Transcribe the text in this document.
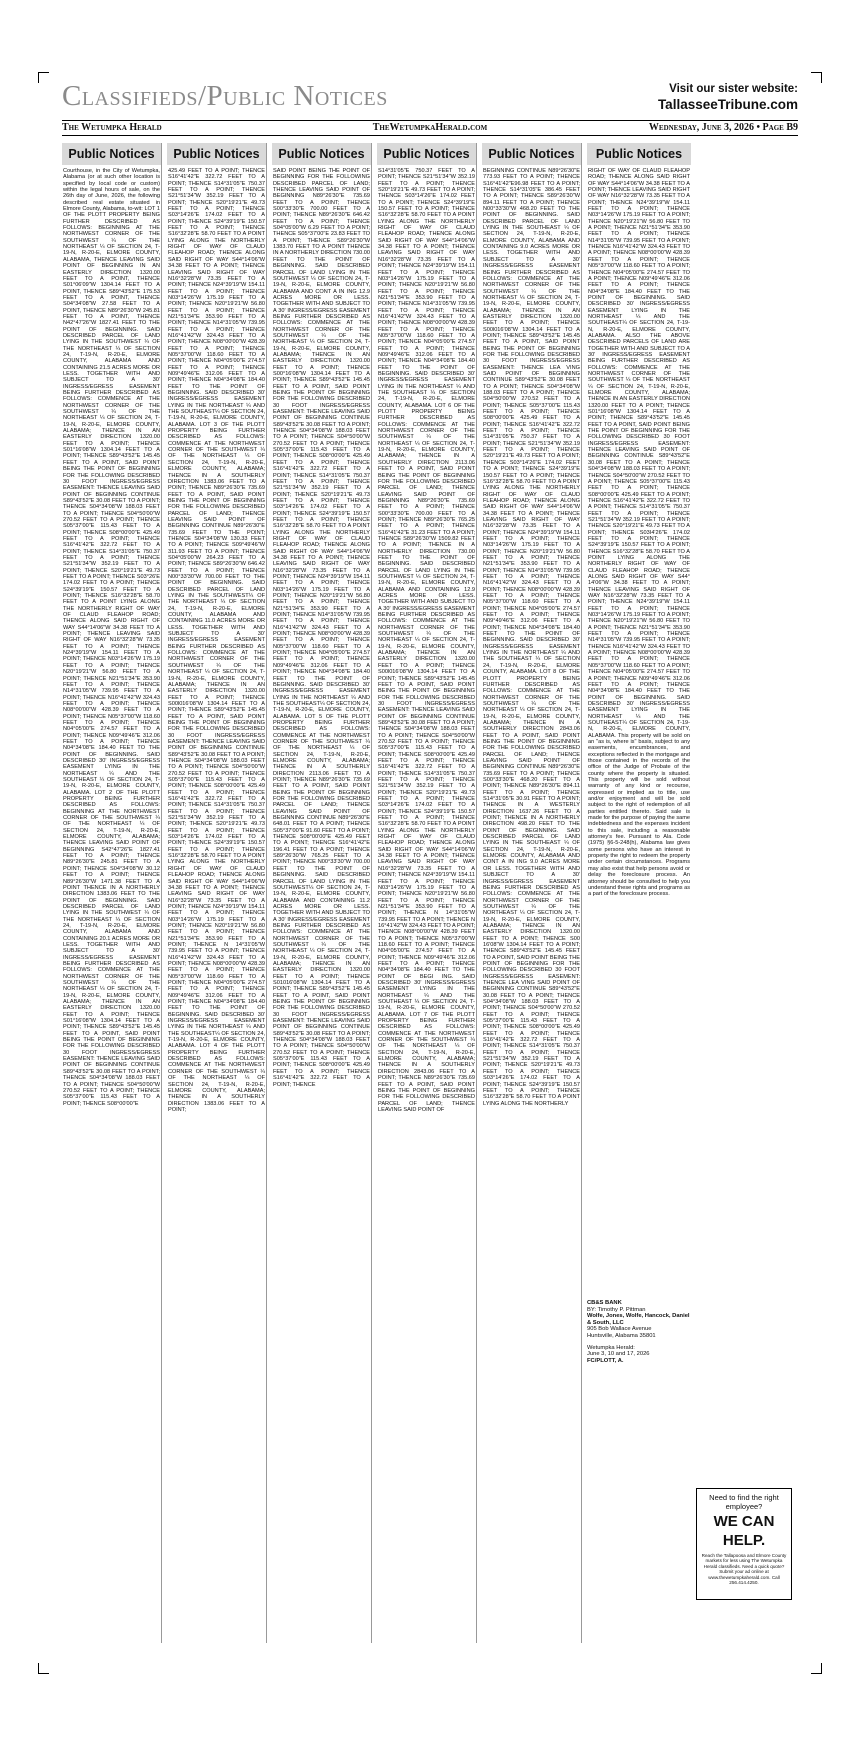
Classifieds/Public Notices	Visit our sister website:
TallasseeTribune.com
The Wetumpka Herald	TheWetumpkaHerald.com	Wednesday, June 3, 2026 • Page B9
Public Notices
Courthouse, in the City of Wetumpka, Alabama (or at such other location is specified by local code or custom) within the legal hours of sale, on the 26th day of June, 2026, the following described real estate situated in Elmore County, Alabama, to-wit: LOT 1 OF THE PLOTT PROPERTY BEING FURTHER DESCRIBED AS FOLLOWS: BEGINNING AT THE NORTHWEST CORNER OF THE SOUTHWEST ¼ OF THE NORTHEAST ¼ OF SECTION 24, T-19-N, R-20-E, ELMORE COUNTY, ALABAMA, THENCE LEAVING SAID POINT OF BEGINNING IN AN EASTERLY DIRECTION 1320.00 FEET TO A POINT, THENCE S01°06'09"W 1304.14 FEET TO A POINT, THENCE S89°43'52"E 175.53 FEET TO A POINT, THENCE S04°34'08"W 27.58 FEET TO A POINT, THENCE N89°26'30"W 245.81 FEET TO A POINT, THENCE N42°47'26"W 1827.41 FEET TO THE POINT OF BEGINNING. SAID DESCRIBED PARCEL OF LAND LYING IN THE SOUTHWEST ¼ OF THE NORTHEAST ¼ OF SECTION 24, T-19-N, R-20-E, ELMORE COUNTY, ALABAMA AND CONTAINING 21.5 ACRES MORE OR LESS. TOGETHER WITH AND SUBJECT TO A 30' INGRESS/EGRESS EASEMENT BEING FURTHER DESCRIBED AS FOLLOWS: COMMENCE AT THE NORTHWEST CORNER OF THE SOUTHWEST ¼ OF THE NORTHEAST ¼ OF SECTION 24, T-19-N, R-20-E, ELMORE COUNTY, ALABAMA; THENCE IN AN EASTERLY DIRECTION 1320.00 FEET TO A POINT; THENCE S01°16'08"W 1304.14 FEET TO A POINT; THENCE S89°43'52"E 145.45 FEET TO A POINT, SAID POINT BEING THE POINT OF BEGINNING FOR THE FOLLOWING DESCRIBED 30 FOOT INGRESS/EGRESS EASEMENT: THENCE LEAVING SAID POINT OF BEGINNING CONTINUE S89°43'52"E 30.08 FEET TO A POINT; THENCE S04°34'08"W 188.03 FEET TO A POINT; THENCE S04°50'00"W 270.52 FEET TO A POINT; THENCE S05°37'00"E 115.43 FEET TO A POINT; THENCE S08°00'00"E 425.49 FEET TO A POINT; THENCE S16°41'42"E 322.72 FEET TO A POINT; THENCE S14°31'05"E 750.37 FEET TO A POINT; THENCE S21°51'34"W 352.19 FEET TO A POINT; THENCE S20°19'21"E 49.73 FEET TO A POINT; THENCE S03°26'E 174.02 FEET TO A POINT; THENCE S24°39'19"E 150.57 FEET TO A POINT; THENCE S16°32'28"E 58.70 FEET TO A POINT LYING ALONG THE NORTHERLY RIGHT OF WAY OF CLAUD FLEAHOP ROAD; THENCE ALONG SAID RIGHT OF WAY S44°14'06"W 34.38 FEET TO A POINT; THENCE LEAVING SAID RIGHT OF WAY N16°32'28"W 73.35 FEET TO A POINT; THENCE N24°39'19"W 154.11 FEET TO A POINT; THENCE N03°14'26"W 175.19 FEET TO A POINT; THENCE N20°19'21"W 56.80 FEET TO A POINT; THENCE N21°51'34"E 353.90 FEET TO A POINT; THENCE N14°31'05"W 739.95 FEET TO A POINT; THENCE N16°41'42"W 324.43 FEET TO A POINT; THENCE N08°00'00"W 428.39 FEET TO A POINT; THENCE N05°37'00"W 118.60 FEET TO A POINT; THENCE N04°05'00"E 274.57 FEET TO A POINT; THENCE N09°49'46"E 312.06 FEET TO A POINT; THENCE N04°34'08"E 184.40 FEET TO THE POINT OF BEGINNING. SAID DESCRIBED 30' INGRESS/EGRESS EASEMENT LYING IN THE NORTHEAST ¼ AND THE SOUTHEAST ¼ OF SECTION 24, T-19-N, R-20-E, ELMORE COUNTY, ALABAMA. LOT 2 OF THE PLOTT PROPERTY BEING FURTHER DESCRIBED AS FOLLOWS: BEGINNING AT THE NORTHWEST CORNER OF THE SOUTHWEST ¼ OF THE NORTHEAST ¼ OF SECTION 24, T-19-N, R-20-E, ELMORE COUNTY, ALABAMA; THENCE LEAVING SAID POINT OF BEGINNING S42°47'26"E 1827.41 FEET TO A POINT; THENCE N89°26'30"E 245.81 FEET TO A POINT; THENCE S04°34'08"W 30.12 FEET TO A POINT; THENCE N89°26'30"W 1471.38 FEET TO A POINT THENCE IN A NORTHERLY DIRECTION 1383.06 FEET TO THE POINT OF BEGINNING. SAID DESCRIBED PARCEL OF LAND LYING IN THE SOUTHWEST ¼ OF THE NORTHEAST ¼ OF SECTION 24, T-19-N, R-20-E, ELMORE COUNTY, ALABAMA AND CONTAINING 20.1 ACRES MORE OR LESS. TOGETHER WITH AND SUBJECT TO A 30' INGRESS/EGRESS EASEMENT BEING FURTHER DESCRIBED AS FOLLOWS: COMMENCE AT THE NORTHWEST CORNER OF THE SOUTHWEST ¼ OF THE NORTHEAST ¼ OF SECTION 24, T-19-N, R-20-E, ELMORE COUNTY, ALABAMA; THENCE IN AN EASTERLY DIRECTION 1320.00 FEET TO A POINT; THENCE S01°16'08"W 1304.14 FEET TO A POINT; THENCE S89°43'52"E 145.45 FEET TO A POINT, SAID POINT BEING THE POINT OF BEGINNING FOR THE FOLLOWING DESCRIBED 30 FOOT INGRESS/EGRESS EASEMENT: THENCE LEAVING SAID POINT OF BEGINNING CONTINUE S89°43'52"E 30.08 FEET TO A POINT; THENCE S04°34'08"W 188.03 FEET TO A POINT; THENCE S04°50'00"W 270.52 FEET TO A POINT; THENCE S05°37'00"E 115.43 FEET TO A POINT; THENCE S08°00'00"E
Public Notices
425.49 FEET TO A POINT; THENCE S16°41'42"E 322.72 FEET TO A POINT; THENCE S14°31'05"E 750.37 FEET TO A POINT; THENCE S21°51'34"W 352.19 FEET TO A POINT; THENCE S20°19'21"E 49.73 FEET TO A POINT; THENCE S03°14'26"E 174.02 FEET TO A POINT; THENCE S24°39'19"E 150.57 FEET TO A POINT; THENCE S16°32'28"E 58.70 FEET TO A POINT LYING ALONG THE NORTHERLY RIGHT OF WAY OF CLAUD FLEAHOP ROAD; THENCE ALONG SAID RIGHT OF WAY S44°14'06"W 34.38 FEET TO A POINT; THENCE LEAVING SAID RIGHT OF WAY N16°32'28"W 73.35 FEET TO A POINT; THENCE N24°39'19"W 154.11 FEET TO A POINT; THENCE N03°14'26"W 175.19 FEET TO A POINT; THENCE N20°19'21"W 56.80 FEET TO A POINT; THENCE N21°51'34"E 353.90 FEET TO A POINT; THENCE N14°31'05"W 739.95 FEET TO A POINT; THENCE N16°41'42"W 324.43 FEET TO A POINT; THENCE N08°00'00"W 428.39 FEET TO A POINT; THENCE N05°37'00"W 118.60 FEET TO A POINT; THENCE N04°05'00"E 274.57 FEET TO A POINT; THENCE N09°49'46"E 312.06 FEET TO A POINT; THENCE N04°34'08"E 184.40 FEET TO THE POINT OF BEGINNING. SAID DESCRIBED 30' INGRESS/EGRESS EASEMENT LYING IN THE NORTHEAST ¼ AND THE SOUTHEAST¼ OF SECTION 24, T-19-N, R-20-E, ELMORE COUNTY, ALABAMA. LOT 3 OF THE PLOTT PROPERTY BEING FURTHER DESCRIBED AS FOLLOWS: COMMENCE AT THE NORTHWEST CORNER OF THE SOUTHWEST ¼ OF THE NORTHEAST ¼ OF SECTION 24, T-19-N, R-20-E, ELMORE COUNTY, ALABAMA; THENCE IN A SOUTHERLY DIRECTION 1383.06 FEET TO A POINT; THENCE N89°26'30"E 735.69 FEET TO A POINT, SAID POINT BEING THE POINT OF BEGINNING FOR THE FOLLOWING DESCRIBED PARCEL OF LAND; THENCE LEAVING SAID POINT OF BEGINNING CONTINUE N89°26'30"E 735.69 FEET TO THE POINT; THENCE S04°34'08"W 130.33 FEET TO A POINT; THENCE S09°49'46"W 311.93 FEET TO A POINT; THENCE S04°05'00"W 264.23 FEET TO A POINT; THENCE S89°26'30"W 646.42 FEET TO A POINT; THENCE N00°33'30"W 700.00 FEET TO THE POINT OF BEGINNING. SAID DESCRIBED PARCEL OF LAND LYING IN THE SOUTHWEST¼ OF THE NORTHEAST ¼ OF SECTION 24, T-19-N, R-20-E, ELMORE COUNTY, ALABAMA AND CONTAINING 11.0 ACRES MORE OR LESS. TOGETHER WITH AND SUBJECT TO A 30' INGRESS/EGRESS EASEMENT BEING FURTHER DESCRIBED AS FOLLOWS: COMMENCE AT THE NORTHWEST CORNER OF THE SOUTHWEST ¼ OF THE NORTHEAST ¼ OF SECTION 24, T-19-N, R-20-E, ELMORE COUNTY, ALABAMA; THENCE IN AN EASTERLY DIRECTION 1320.00 FEET TO A POINT; THENCE S00l016'08"W 1304.14 FEET TO A POINT; THENCE S89°43'52"E 145.45 FEET TO A POINT, SAID POINT BEING THE POINT OF BEGINNING FOR THE FOLLOWING DESCRIBED 30 FOOT INGRESS/EGRESS EASEMENT: THENCE LEAVING SAID POINT OF BEGINNING CONTINUE S89°43'52"E 30.08 FEET TO A POINT; THENCE S04°34'08"W 188.03 FEET TO A POINT; THENCE S04°50'00"W 270.52 FEET TO A POINT; THENCE S05°37'00"E 115.43 FEET TO A POINT; THENCE S08°00'00"E 425.49 FEET TO A POINT; THENCE S16°41'42"E 322.72 FEET TO A POINT; THENCE S14°31'05"E 750.37 FEET TO A POINT; THENCE S21°51'34"W 352.19 FEET TO A POINT; THENCE S20°19'21"E 49.73 FEET TO A POINT; THENCE S03°14'26"E 174.02 FEET TO A POINT; THENCE S24°39'19"E 150.57 FEET TO A POINT; THENCE S16°32'28"E 58.70 FEET TO A POINT LYING ALONG THE NORTHERLY RIGHT OF WAY OF CLAUD FLEAHOP ROAD; THENCE ALONG SAID RIGHT OF WAY S44°14'06"W 34.38 FEET TO A POINT; THENCE LEAVING SAID RIGHT OF WAY N16°32'28"W 73.35 FEET TO A POINT; THENCE N24°39'19"W 154.11 FEET TO A POINT; THENCE N03°14'26"W 175.19 FEET TO A POINT; THENCE N20°19'21"W 56.80 FEET TO A POINT; THENCE N21°51'34"E 353.90 FEET TO A POINT; THENCE N 14°31'05"W 739.95 FEET TO A POINT; THENCE N16°41'42"W 324.43 FEET TO A POINT; THENCE N08°00'00"W 428.39 FEET TO A POINT; THENCE N05°37'00"W 118.60 FEET TO A POINT; THENCE N04°05'00"E 274.57 FEET TO A POINT; THENCE N09°49'46"E 312.06 FEET TO A POINT; THENCE N04°34'08"E 184.40 FEET TO THE POINT OF BEGINNING. SAID DESCRIBED 30' INGRESS/EGRESS EASEMENT LYING IN THE NORTHEAST ¼ AND THE SOUTHEAST¼ OF SECTION 24, T-19-N, R-20-E, ELMORE COUNTY, ALABAMA. LOT 4 OF THE PLOTT PROPERTY BEING FURTHER DESCRIBED AS FOLLOWS: COMMENCE AT THE NORTHWEST CORNER OF THE SOUTHWEST ¼ OF THE NORTHEAST ¼ OF SECTION 24, T-19-N, R-20-E, ELMORE COUNTY, ALABAMA; THENCE IN A SOUTHERLY DIRECTION 1383.06 FEET TO A POINT;
Public Notices
SAID POINT BEING THE POINT OF BEGINNING FOR THE FOLLOWING DESCRIBED PARCEL OF LAND; THENCE LEAVING SAID POINT OF BEGINNING N89°26'30"E 735.69 FEET TO A POINT; THENCE S00°33'30"E 700.00 FEET TO A POINT; THENCE N89°26'30"E 646.42 FEET TO A POINT; THENCE S04°05'00"W 6.29 FEET TO A POINT; THENCE S05°37'00"E 23.83 FEET TO A POINT; THENCE S89°26'30"W 1383.70 FEET TO A POINT THENCE IN A NORTHERLY DIRECTION 730.00 FEET TO THE POINT OF BEGINNING. SAID DESCRIBED PARCEL OF LAND LYING IN THE SOUTHWEST ¼ OF SECTION 24, T-19-N, R-20-E, ELMORE COUNTY, ALABAMA AND CONT A IN ING 12.9 ACRES MORE OR LESS. TOGETHER WITH AND SUBJECT TO A 30' INGRESS/EGRESS EASEMENT BEING FURTHER DESCRIBED AS FOLLOWS: COMMENCE AT THE NORTHWEST CORNER OF THE SOUTHWEST ¼ OF THE NORTHEAST ¼ OF SECTION 24, T-19-N, R-20-E, ELMORE COUNTY, ALABAMA; THENCE IN AN EASTERLY DIRECTION 1320.00 FEET TO A POINT; THENCE S00°16'08"W 1304.14 FEET TO A POINT; THENCE S89°43'52"E 145.45 FEET TO A POINT, SAID POINT BEING THE POINT OF BEGINNING FOR THE FOLLOWING DESCRIBED 30 FOOT INGRESS/EGRESS EASEMENT: THENCE LEAVING SAID POINT OF BEGINNING CONTINUE S89°43'52"E 30.08 FEET TO A POINT; THENCE S04°34'08"W 188.03 FEET TO A POINT; THENCE S04°50'00"W 270.52 FEET TO A POINT; THENCE S05°37'00"E 115.43 FEET TO A POINT; THENCE S08°00'00"E 425.49 FEET TO A POINT; THENCE S16°41'42"E 322.72 FEET TO A POINT; THENCE S14°31'05"E 750.37 FEET TO A POINT; THENCE S21°51'34"W 352.19 FEET TO A POINT; THENCE S20°19'21"E 49.73 FEET TO A POINT; THENCE S03°14'26"E 174.02 FEET TO A POINT; THENCE S24°39'19"E 150.57 FEET TO A POINT; THENCE S16°32'28"E 58.70 FEET TO A POINT LYING ALONG THE NORTHERLY RIGHT OF WAY OF CLAUD FLEAHOP ROAD; THENCE ALONG SAID RIGHT OF WAY S44°14'06"W 34.38 FEET TO A POINT; THENCE LEAVING SAID RIGHT OF WAY N16°32'28"W 73.35 FEET TO A POINT; THENCE N24°39'19"W 154.11 FEET TO A POINT; THENCE N03°14'26"W 175.19 FEET TO A POINT; THENCE N20°19'21"W 56.80 FEET TO A POINT; THENCE N21°51'34"E 353.90 FEET TO A POINT; THENCE N14°31'05"W 739.95 FEET TO A POINT; THENCE N16°41'42"W 324.43 FEET TO A POINT; THENCE N08°00'00"W 428.39 FEET TO A POINT; THENCE N05°37'00"W 118.60 FEET TO A POINT; THENCE N04°05'00"E 274.57 FEET TO A POINT; THENCE N09°49'46"E 312.06 FEET TO A POINT; THENCE N04°34'08"E 184.40 FEET TO THE POINT OF BEGINNING. SAID DESCRIBED 30' INGRESS/EGRESS EASEMENT LYING IN THE NORTHEAST ¼ AND THE SOUTHEAST¼ OF SECTION 24, T-19-N, R-20-E, ELMORE COUNTY, ALABAMA. LOT 5 OF THE PLOTT PROPERTY BEING FURTHER DESCRIBED AS FOLLOWS: COMMENCE AT THE NORTHWEST CORNER OF THE SOUTHWEST ¼ OF THE NORTHEAST ¼ OF SECTION 24, T-19-N, R-20-E, ELMORE COUNTY, ALABAMA; THENCE IN A SOUTHERLY DIRECTION 2113.06 FEET TO A POINT; THENCE N89°26'30"E 735.69 FEET TO A POINT, SAID POINT BEING THE POINT OF BEGINNING FOR THE FOLLOWING DESCRIBED PARCEL OF LAND; THENCE LEAVING SAID POINT OF BEGINNING CONTINUE N89°26'30"E 648.01 FEET TO A POINT; THENCE S05°37'00"E 91.60 FEET TO A POINT; THENCE S08°00'00"E 425.49 FEET TO A POINT; THENCE S16°41'42"E 196.41 FEET TO A POINT; THENCE S89°26'30"W 765.25 FEET TO A POINT; THENCE N00°33'30"W 700.00 FEET TO THE POINT OF BEGINNING. SAID DESCRIBED PARCEL OF LAND LYING IN THE SOUTHWEST¼ OF SECTION 24, T-19-N, R-20-E, ELMORE COUNTY, ALABAMA AND CONTAINING 11.2 ACRES MORE OR LESS. TOGETHER WITH AND SUBJECT TO A 30' INGRESS/EGRESS EASEMENT BEING FURTHER DESCRIBED AS FOLLOWS: COMMENCE AT THE NORTHWEST CORNER OF THE SOUTHWEST ¼ OF THE NORTHEAST ¼ OF SECTION 24, T-19-N, R-20-E, ELMORE COUNTY, ALABAMA; THENCE IN AN EASTERLY DIRECTION 1320.00 FEET TO A POINT; THENCE S01016'08"W 1304.14 FEET TO A POINT; THENCE S89°43'52"E 145.45 FEET TO A POINT, SAID POINT BEING THE POINT OF BEGINNING FOR THE FOLLOWING DESCRIBED 30 FOOT INGRESS/EGRESS EASEMENT: THENCE LEAVING SAID POINT OF BEGINNING CONTINUE S89°43'52"E 30.08 FEET TO A POINT; THENCE S04°34'08"W 188.03 FEET TO A POINT; THENCE S04°50'00"W 270.52 FEET TO A POINT; THENCE S05°37'00"E 115.43 FEET TO A POINT; THENCE S08°00'00"E 425.49 FEET TO A POINT; THENCE S16°41'42"E 322.72 FEET TO A POINT; THENCE
Public Notices
S14°31'05"E 750.37 FEET TO A POINT; THENCE S21°51'34"W 352.19 FEET TO A POINT; THENCE S20°19'21"E 49.73 FEET TO A POINT; THENCE S03°14'26"E 174.02 FEET TO A POINT; THENCE S24°39'19"E 150.57 FEET TO A POINT; THENCE S16°32'28"E 58.70 FEET TO A POINT LYING ALONG THE NORTHERLY RIGHT OF WAY OF CLAUD FLEAHOP ROAD; THENCE ALONG SAID RIGHT OF WAY S44°14'06"W 34.38 FEET TO A POINT; THENCE LEAVING SAID RIGHT OF WAY N16°32'28"W 73.35 FEET TO A POINT; THENCE N24°39'19"W 154.11 FEET TO A POINT; THENCE N03°14'26"W 175.19 FEET TO A POINT; THENCE N20°19'21"W 56.80 FEET TO A POINT; THENCE N21°51'34"E 353.90 FEET TO A POINT; THENCE N14°31'05"W 739.95 FEET TO A POINT; THENCE N16°41'42"W 324.43 FEET TO A POINT; THENCE N08°00'00"W 428.39 FEET TO A POINT; THENCE N05°37'00"W 118.60 FEET TO A POINT; THENCE N04°05'00"E 274.57 FEET TO A POINT; THENCE N09°49'46"E 312.06 FEET TO A POINT; THENCE N04°34'08"E 184.40 FEET TO THE POINT OF BEGINNING. SAID DESCRIBED 30' INGRESS/EGRESS EASEMENT LYING IN THE NORTHEAST ¼ AND THE SOUTHEAST ¼ OF SECTION 24, T-19-N, R-20-E, ELMORE COUNTY, ALABAMA. LOT 6 OF THE PLOTT PROPERTY BEING FURTHER DESCRIBED AS FOLLOWS: COMMENCE AT THE NORTHWEST CORNER OF THE SOUTHWEST ¼ OF THE NORTHEAST ¼ OF SECTION 24, T-19-N, R-20-E, ELMORE COUNTY, ALABAMA; THENCE IN A SOUTHERLY DIRECTION 2113.06 FEET TO A POINT, SAID POINT BEING THE POINT OF BEGINNING FOR THE FOLLOWING DESCRIBED PARCEL OF LAND; THENCE LEAVING SAID POINT OF BEGINNING N89°26'30"E 735.69 FEET TO A POINT; THENCE S00°33'30"E 700.00 FEET TO A POINT; THENCE N89°26'30"E 765.25 FEET TO A POINT; THENCE S16°41'42"E 31.23 FEET TO A POINT; THENCE S89°26'30"W 1509.82 FEET TO A POINT; THENCE IN A NORTHERLY DIRECTION 730.00 FEET TO THE POINT OF BEGINNING. SAID DESCRIBED PARCEL OF LAND LYING IN THE SOUTHWEST ¼ OF SECTION 24, T-19-N, R-20-E, ELMORE COUNTY, ALABAMA AND CONTAINING 12.9 ACRES MORE OR LESS. TOGETHER WITH AND SUBJECT TO A 30' INGRESS/EGRESS EASEMENT BEING FURTHER DESCRIBED AS FOLLOWS: COMMENCE AT THE NORTHWEST CORNER OF THE SOUTHWEST ¼ OF THE NORTHEAST ¼ OF SECTION 24, T-19-N, R-20-E, ELMORE COUNTY, ALABAMA; THENCE IN AN EASTERLY DIRECTION 1320.00 FEET TO A POINT; THENCE S00l016'08"W 1304.14 FEET TO A POINT; THENCE S89°43'52"E 145.45 FEET TO A POINT, SAID POINT BEING THE POINT OF BEGINNING FOR THE FOLLOWING DESCRIBED 30 FOOT INGRESS/EGRESS EASEMENT: THENCE LEAVING SAID POINT OF BEGINNING CONTINUE S89°43'52"E 30.08 FEET TO A POINT; THENCE S04°34'08"W 188.03 FEET TO A POINT; THENCE S04°50'00"W 270.52 FEET TO A POINT; THENCE S05°37'00"E 115.43 FEET TO A POINT; THENCE S08°00'00"E 425.49 FEET TO A POINT; THENCE S16°41'42"E 322.72 FEET TO A POINT; THENCE S14°31'05"E 750.37 FEET TO A POINT; THENCE S21°51'34"W 352.19 FEET TO A POINT; THENCE S20°19'21"E 49.73 FEET TO A POINT; THENCE S03°14'26"E 174.02 FEET TO A POINT; THENCE S24°39'19"E 150.57 FEET TO A POINT; THENCE S16°32'28"E 58.70 FEET TO A POINT LYING ALONG THE NORTHERLY RIGHT OF WAY OF CLAUD FLEAHOP ROAD; THENCE ALONG SAID RIGHT OF WAY S44°14'06"W 34.38 FEET TO A POINT; THENCE LEAVING SAID RIGHT OF WAY N16°32'28"W 73.35 FEET TO A POINT; THENCE N24°39'19"W 154.11 FEET TO A POINT; THENCE N03°14'26"W 175.19 FEET TO A POINT; THENCE N20°19'21"W 56.80 FEET TO A POINT; THENCE N21°51'34"E 353.90 FEET TO A POINT; THENCE N 14°31'05"W 739.95 FEET TO A POINT; THENCE N 16°41'42"W 324.43 FEET TO A POINT; THENCE N08°00'00"W 428.39 FEET TO A POINT; THENCE N05°37'00"W 118.60 FEET TO A POINT; THENCE N04°05'00"E 274.57 FEET TO A POINT; THENCE N09°49'46"E 312.06 FEET TO A POINT; THENCE N04°34'08"E 184.40 FEET TO THE POINT OF BEGI ING. SAID DESCRIBED 30' INGRESS/EGRESS EASEMENT LYING IN THE NORTHEAST ¼ AND THE SOUTHEAST ¼ OF SECTION 24, T-19-N, R-20-E, ELMORE COUNTY, ALABAMA. LOT 7 OF THE PLOTT PROPERTY BEING FURTHER DESCRIBED AS FOLLOWS: COMMENCE AT THE NORTHWEST CORNER OF THE SOUTHWEST ¼ OF THE NORTHEAST ¼ OF SECTION 24, T-19-N, R-20-E, ELMORE COUNTY, ALABAMA; THENCE IN A SOUTHERLY DIRECTION 2843.06 FEET TO A POINT; THENCE N89°26'30"E 735.69 FEET TO A POINT, SAID POINT BEING THE POINT OF BEGINNING FOR THE FOLLOWING DESCRIBED PARCEL OF LAND; THENCE LEAVING SAID POINT OF
Public Notices
BEGINNING CONTINUE N89°26'30"E 773.93 FEET TO A POINT; THENCE S16°41'42"E96.98 FEET TO A POINT; THENCE S14°31'05"E 386.45 FEET TO A POINT; THENCE S89°26'30"W 894.11 FEET TO A POINT; THENCE N00°33'30"W 468.20 FEET TO THE POINT OF BEGINNING. SAID DESCRIBED PARCEL OF LAND LYING IN THE SOUTHEAST ¼ OF SECTION 24, T-19-N, R-20-E, ELMORE COUNTY, ALABAMA AND CONTAINING 9.0 ACRES MORE OR LESS. TOGETHER WITH AND SUBJECT TO A 30' INGRESS/EGRESS EASEMENT BEING FURTHER DESCRIBED AS FOLLOWS: COMMENCE AT THE NORTHWEST CORNER OF THE SOUTHWEST ¼ OF THE NORTHEAST ¼ OF SECTION 24, T-19-N, R-20-E, ELMORE COUNTY, ALABAMA; THENCE IN AN EASTERLY DIRECTION 1320.00 FEET TO A POINT; THENCE S00l016'08"W 1304.14 FEET TO A POINT; THENCE S89°43'52"E 145.45 FEET TO A POINT, SAID POINT BEING THE POINT OF BEGINNING FOR THE FOLLOWING DESCRIBED 30 FOOT INGRESS/EGRESS EASEMENT: THENCE LEA VING SAID POINT OF BEGINNING CONTINUE S89°43'52"E 30.08 FEET TO A POINT; THENCE S04°34'08"W 188.03 FEET TO A POINT; THENCE S04°50'00"W 270.52 FEET TO A POINT; THENCE S05°37'00"E 115.43 FEET TO A POINT; THENCE S08°00'00"E 425.49 FEET TO A POINT; THENCE S16°41'42"E 322.72 FEET TO A POINT; THENCE S14°31'05"E 750.37 FEET TO A POINT; THENCE S21°51'34"W 352.19 FEET TO A POINT; THENCE S20°19'21"E 49.73 FEET TO A POINT; THENCE S03°14'26"E 174.02 FEET TO A POINT; THENCE S24°39'19"E 150.57 FEET TO A POINT; THENCE S16°32'28"E 58.70 FEET TO A POINT LYING ALONG THE NORTHERLY RIGHT OF WAY OF CLAUD FLEAHOP ROAD; THENCE ALONG SAID RIGHT OF WAY S44°14'06"W 34.38 FEET TO A POINT; THENCE LEAVING SAID RIGHT OF WAY N16°32'28"W 73.35 FEET TO A POINT; THENCE N24°39'19"W 154.11 FEET TO A POINT; THENCE N03°14'26"W 175.19 FEET TO A POINT; THENCE N20°19'21"W 56.80 FEET TO A POINT; THENCE N21°51'34"E 353.90 FEET TO A POINT; THENCE N14°31'05"W 739.95 FEET TO A POINT; THENCE N16°41'42"W 324.43 FEET TO A POINT; THENCE N08°00'00"W 428.39 FEET TO A POINT; THENCE N05°37'00"W 118.60 FEET TO A POINT; THENCE N04°05'00"E 274.57 FEET TO A POINT; THENCE N09°49'46"E 312.06 FEET TO A POINT; THENCE N04°34'08"E 184.40 FEET TO THE POINT OF BEGINNING. SAID DESCRIBED 30' INGRESS/EGRESS EASEMENT LYING IN THE NORTHEAST ¼ AND THE SOUTHEAST ¼ OF SECTION 24, T-19-N, R-20-E, ELMORE COUNTY, ALABAMA. LOT 8 OF THE PLOTT PROPERTY BEING FURTHER DESCRIBED AS FOLLOWS: COMMENCE AT THE NORTHWEST CORNER OF THE SOUTHWEST ¼ OF THE NORTHEAST ¼ OF SECTION 24, T-19-N, R-20-E, ELMORE COUNTY, ALABAMA; THENCE IN A SOUTHERLY DIRECTION 2843.06 FEET TO A POINT, SAID POINT BEING THE POINT OF BEGINNING FOR THE FOLLOWING DESCRIBED PARCEL OF LAND; THENCE LEAVING SAID POINT OF BEGINNING CONTINUE N89°26'30"E 735.69 FEET TO A POINT; THENCE S00°33'30"E 468.20 FEET TO A POINT; THENCE N89°26'30"E 894.11 FEET TO A POINT; THENCE S14°31'05"E 30.91 FEET TO A POINT; THENCE IN A WESTERLY DIRECTION 1637.26 FEET TO A POINT; THENCE IN A NORTHERLY DIRECTION 498.20 FEET TO THE POINT OF BEGINNING. SAID DESCRIBED PARCEL OF LAND LYING IN THE SOUTHEAST ¼ OF SECTION 24, T-19-N, R-20-E, ELMORE COUNTY, ALABAMA AND CONT A IN ING 9.0 ACRES MORE OR LESS. TOGETHER WITH AND SUBJECT TO A 30' INGRESS/EGRESS EASEMENT BEING FURTHER DESCRIBED AS FOLLOWS: COMMENCE AT THE NORTHWEST CORNER OF THE SOUTHWEST ¼ OF THE NORTHEAST ¼ OF SECTION 24, T-19-N, R-20-E, ELMORE COUNTY, ALABAMA; THENCE IN AN EASTERLY DIRECTION 1320.00 FEET TO A POINT; THENCE S00 16'08"W 1304.14 FEET TO A POINT; THENCE S89°43'52"E 145.45 FEET TO A POINT, SAID POINT BEING THE POINT OF BEGINNING FOR THE FOLLOWING DESCRIBED 30 FOOT INGRESS/EGRESS EASEMENT: THENCE LEA VING SAID POINT OF BEGINNING CONTINUE S89°43'52"E 30.08 FEET TO A POINT; THENCE S04°34'08"W 188.03 FEET TO A POINT; THENCE S04°50'00"W 270.52 FEET TO A POINT; THENCE S05°37'00"E 115.43 FEET TO A POINT; THENCE S08°00'00"E 425.49 FEET TO A POINT; THENCE S16°41'42"E 322.72 FEET TO A POINT; THENCE S14°31'05"E 750.37 FEET TO A POINT; THENCE S21°51'34"W 352.19 FEET TO A POINT; THENCE S20°19'21"E 49.73 FEET TO A POINT; THENCE S03°14'26"E 174.02 FEET TO A POINT; THENCE S24°39'19"E 150.57 FEET TO A POINT; THENCE S16°32'28"E 58.70 FEET TO A POINT LYING ALONG THE NORTHERLY
Public Notices
RIGHT OF WAY OF CLAUD FLEAHOP ROAD; THENCE ALONG SAID RIGHT OF WAY S44°14'06"W 34.38 FEET TO A POINT; THENCE LEAVING SAID RIGHT OF WAY N16°32'28"W 73.35 FEET TO A POINT; THENCE N24°39'19"W 154.11 FEET TO A POINT; THENCE N03°14'26"W 175.19 FEET TO A POINT; THENCE N20°19'21"W 56.80 FEET TO A POINT; THENCE N21°51'34"E 353.90 FEET TO A POINT; THENCE N14°31'05"W 739.95 FEET TO A POINT; THENCE N16°41'42"W 324.43 FEET TO A POINT; THENCE N08°00'00"W 428.39 FEET TO A POINT; THENCE N05°37'00"W 118.60 FEET TO A POINT; THENCE N04°05'00"E 274.57 FEET TO A POINT; THENCE N09°49'46"E 312.06 FEET TO A POINT; THENCE N04°34'08"E 184.40 FEET TO THE POINT OF BEGINNING. SAID DESCRIBED 30' INGRESS/EGRESS EASEMENT LYING IN THE NORTHEAST ¼ AND THE SOUTHEAST¼ OF SECTION 24, T-19-N, R-20-E, ELMORE COUNTY, ALABAMA. ALSO THE ABOVE DESCRIBED PARCELS OF LAND ARE TOGETHER WITH AND SUBJECT TO A 30' INGRESS/EGRESS EASEMENT BEING FURTHER DESCRIBED AS FOLLOWS: COMMENCE AT THE NORTHWEST CORNER OF THE SOUTHWEST ¼ OF THE NORTHEAST ¼ OF SECTION 24, T-19-N, R-20-E, ELMORE COUNTY, ALABAMA; THENCE IN AN EASTERLY DIRECTION 1320.00 FEET TO A POINT; THENCE S01°16'08"W 1304.14 FEET TO A POINT; THENCE S89°43'52"E 145.45 FEET TO A POINT, SAID POINT BEING THE POINT OF BEGINNING FOR THE FOLLOWING DESCRIBED 30 FOOT INGRESS/EGRESS EASEMENT: THENCE LEAVING SAID POINT OF BEGINNING CONTINUE S89°43'52"E 30.08 FEET TO A POINT; THENCE S04°34'08"W 188.03 FEET TO A POINT; THENCE S04°50'00"W 270.52 FEET TO A POINT; THENCE S05°37'00"E 115.43 FEET TO A POINT; THENCE S08°00'00"E 425.49 FEET TO A POINT; THENCE S16°41'42"E 322.72 FEET TO A POINT; THENCE S14°31'05"E 750.37 FEET TO A POINT; THENCE S21°51'34"W 352.19 FEET TO A POINT; THENCE S20°19'21"E 49.73 FEET TO A POINT; THENCE S03I4'26"E 174.02 FEET TO A POINT; THENCE S24°39'19"E 150.57 FEET TO A POINT; THENCE S16°32'28"E 58.70 FEET TO A POINT LYING ALONG THE NORTHERLY RIGHT OF WAY OF CLAUD FLEAHOP ROAD; THENCE ALONG SAID RIGHT OF WAY S44° 14'06"W 34.38 FEET TO A POINT; THENCE LEAVING SAID RIGHT OF WAY N16°32'28"W 73.35 FEET TO A POINT; THENCE N24°39'19"W 154.11 FEET TO A POINT; THENCE N03°14'26"W 175.19 FEET TO A POINT; THENCE N20°19'21"W 56.80 FEET TO A POINT; THENCE N21°51'34"E 353.90 FEET TO A POINT; THENCE N14°31'05"W 739.95 FEET TO A POINT; THENCE N16°41'42"W 324.43 FEET TO A POINT; THENCE N08°00'00"W 428.39 FEET TO A POINT; THENCE N05°37'00"W 118.60 FEET TO A POINT; THENCE N04°05'00"E 274.57 FEET TO A POINT; THENCE N09°49'46"E 312.06 FEET TO A POINT; THENCE N04°34'08"E 184.40 FEET TO THE POINT OF BEGINNING. SAID DESCRIBED 30' INGRESS/EGRESS EASEMENT LYING IN THE NORTHEAST ¼ AND THE SOUTHEAST¼ OF SECTION 24, T-19-N, R-20-E, ELMORE COUNTY, ALABAMA. This property will be sold on an "as is, where is" basis, subject to any easements, encumbrances, and exceptions reflected in the mortgage and those contained in the records of the office of the Judge of Probate of the county where the property is situated. This property will be sold without warranty of any kind or recourse, expressed or implied as to title, use and/or enjoyment and will be sold subject to the right of redemption of all parties entitled thereto. Said sale is made for the purpose of paying the same indebtedness and the expenses incident to this sale, including a reasonable attorney's fee. Pursuant to Ala. Code (1975) §6-5-248(h), Alabama law gives some persons who have an interest in property the right to redeem the property under certain circumstances. Programs may also exist that help persons avoid or delay the foreclosure process. An attorney should be consulted to help you understand these rights and programs as a part of the foreclosure process.
CB&S BANK
BY: Timothy P. Pittman
Wolfe, Jones, Wolfe, Hancock, Daniel & South, LLC
905 Bob Wallace Avenue
Huntsville, Alabama 35801
Wetumpka Herald:
June 3, 10 and 17, 2026
FC/PLOTT, A.
Need to find the right employee?
WE CAN
HELP.
Reach the Tallapoosa and Elmore County markets for less using The Wetumpka Herald classifieds. Need a quick quote? Submit your ad online at www.thewetumpkaherald.com. Call 256.414.4250.
